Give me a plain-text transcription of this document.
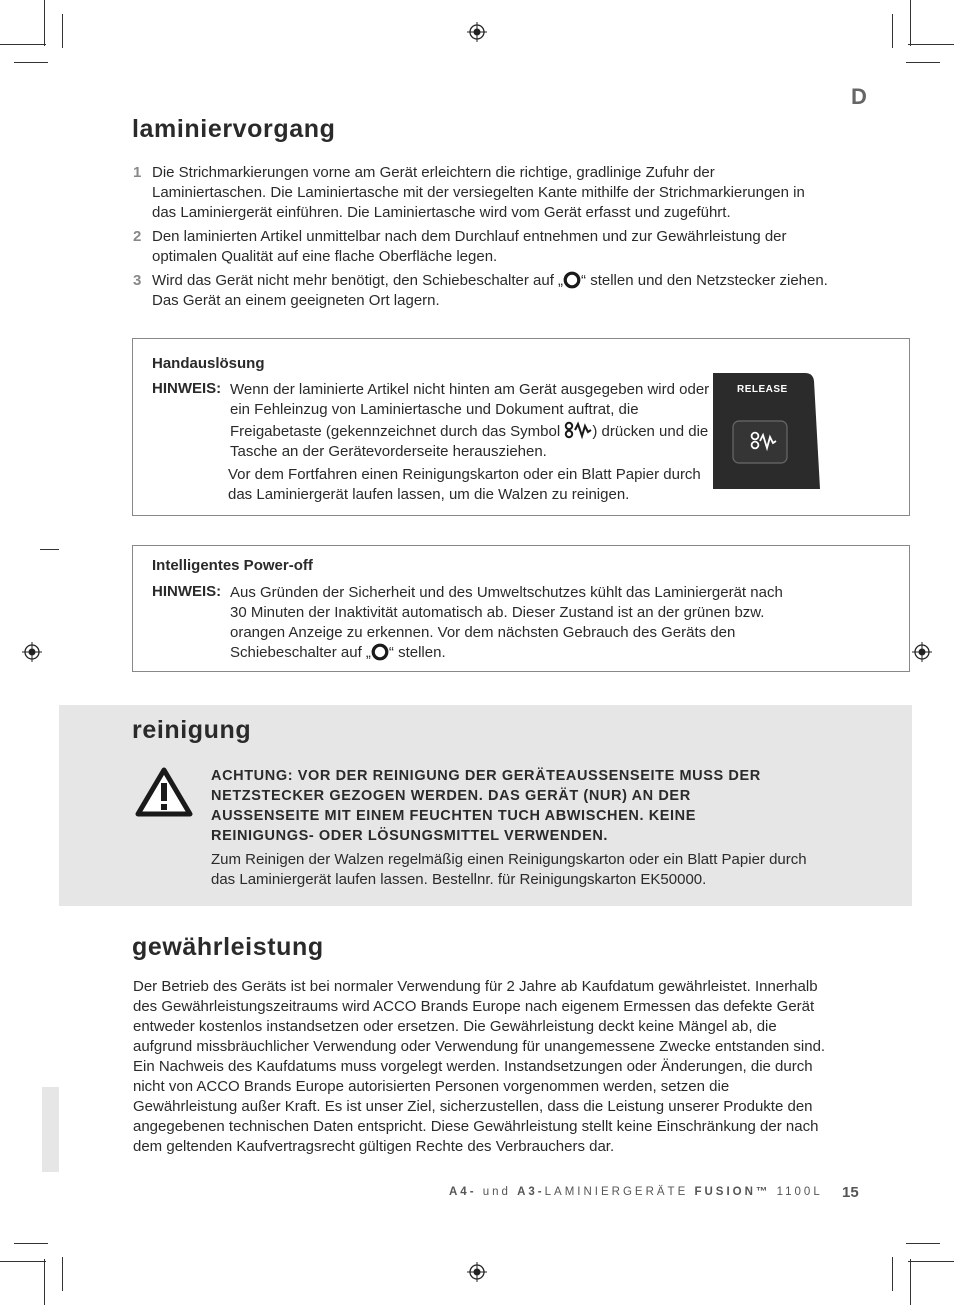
D
laminiervorgang
1 Die Strichmarkierungen vorne am Gerät erleichtern die richtige, gradlinige Zufuhr der Laminiertaschen. Die Laminiertasche mit der versiegelten Kante mithilfe der Strichmarkierungen in das Laminiergerät einführen. Die Laminiertasche wird vom Gerät erfasst und zugeführt.
2 Den laminierten Artikel unmittelbar nach dem Durchlauf entnehmen und zur Gewährleistung der optimalen Qualität auf eine flache Oberfläche legen.
3 Wird das Gerät nicht mehr benötigt, den Schiebeschalter auf „ “ stellen und den Netzstecker ziehen. Das Gerät an einem geeigneten Ort lagern.
Handauslösung
HINWEIS: Wenn der laminierte Artikel nicht hinten am Gerät ausgegeben wird oder ein Fehleinzug von Laminiertasche und Dokument auftrat, die Freigabetaste (gekennzeichnet durch das Symbol ) drücken und die Tasche an der Gerätevorderseite herausziehen.
Vor dem Fortfahren einen Reinigungskarton oder ein Blatt Papier durch das Laminiergerät laufen lassen, um die Walzen zu reinigen.
RELEASE
Intelligentes Power-off
HINWEIS: Aus Gründen der Sicherheit und des Umweltschutzes kühlt das Laminiergerät nach 30 Minuten der Inaktivität automatisch ab. Dieser Zustand ist an der grünen bzw. orangen Anzeige zu erkennen. Vor dem nächsten Gebrauch des Geräts den Schiebeschalter auf „ “ stellen.
reinigung
ACHTUNG: VOR DER REINIGUNG DER GERÄTEAUSSENSEITE MUSS DER NETZSTECKER GEZOGEN WERDEN. DAS GERÄT (NUR) AN DER AUSSENSEITE MIT EINEM FEUCHTEN TUCH ABWISCHEN. KEINE REINIGUNGS- ODER LÖSUNGSMITTEL VERWENDEN.
Zum Reinigen der Walzen regelmäßig einen Reinigungskarton oder ein Blatt Papier durch das Laminiergerät laufen lassen. Bestellnr. für Reinigungskarton EK50000.
gewährleistung
Der Betrieb des Geräts ist bei normaler Verwendung für 2 Jahre ab Kaufdatum gewährleistet. Innerhalb des Gewährleistungszeitraums wird ACCO Brands Europe nach eigenem Ermessen das defekte Gerät entweder kostenlos instandsetzen oder ersetzen. Die Gewährleistung deckt keine Mängel ab, die aufgrund missbräuchlicher Verwendung oder Verwendung für unangemessene Zwecke entstanden sind. Ein Nachweis des Kaufdatums muss vorgelegt werden. Instandsetzungen oder Änderungen, die durch nicht von ACCO Brands Europe autorisierten Personen vorgenommen werden, setzen die Gewährleistung außer Kraft. Es ist unser Ziel, sicherzustellen, dass die Leistung unserer Produkte den angegebenen technischen Daten entspricht. Diese Gewährleistung stellt keine Einschränkung der nach dem geltenden Kaufvertragsrecht gültigen Rechte des Verbrauchers dar.
A4- und A3-LAMINIERGERÄTE FUSION™ 1100L 15
